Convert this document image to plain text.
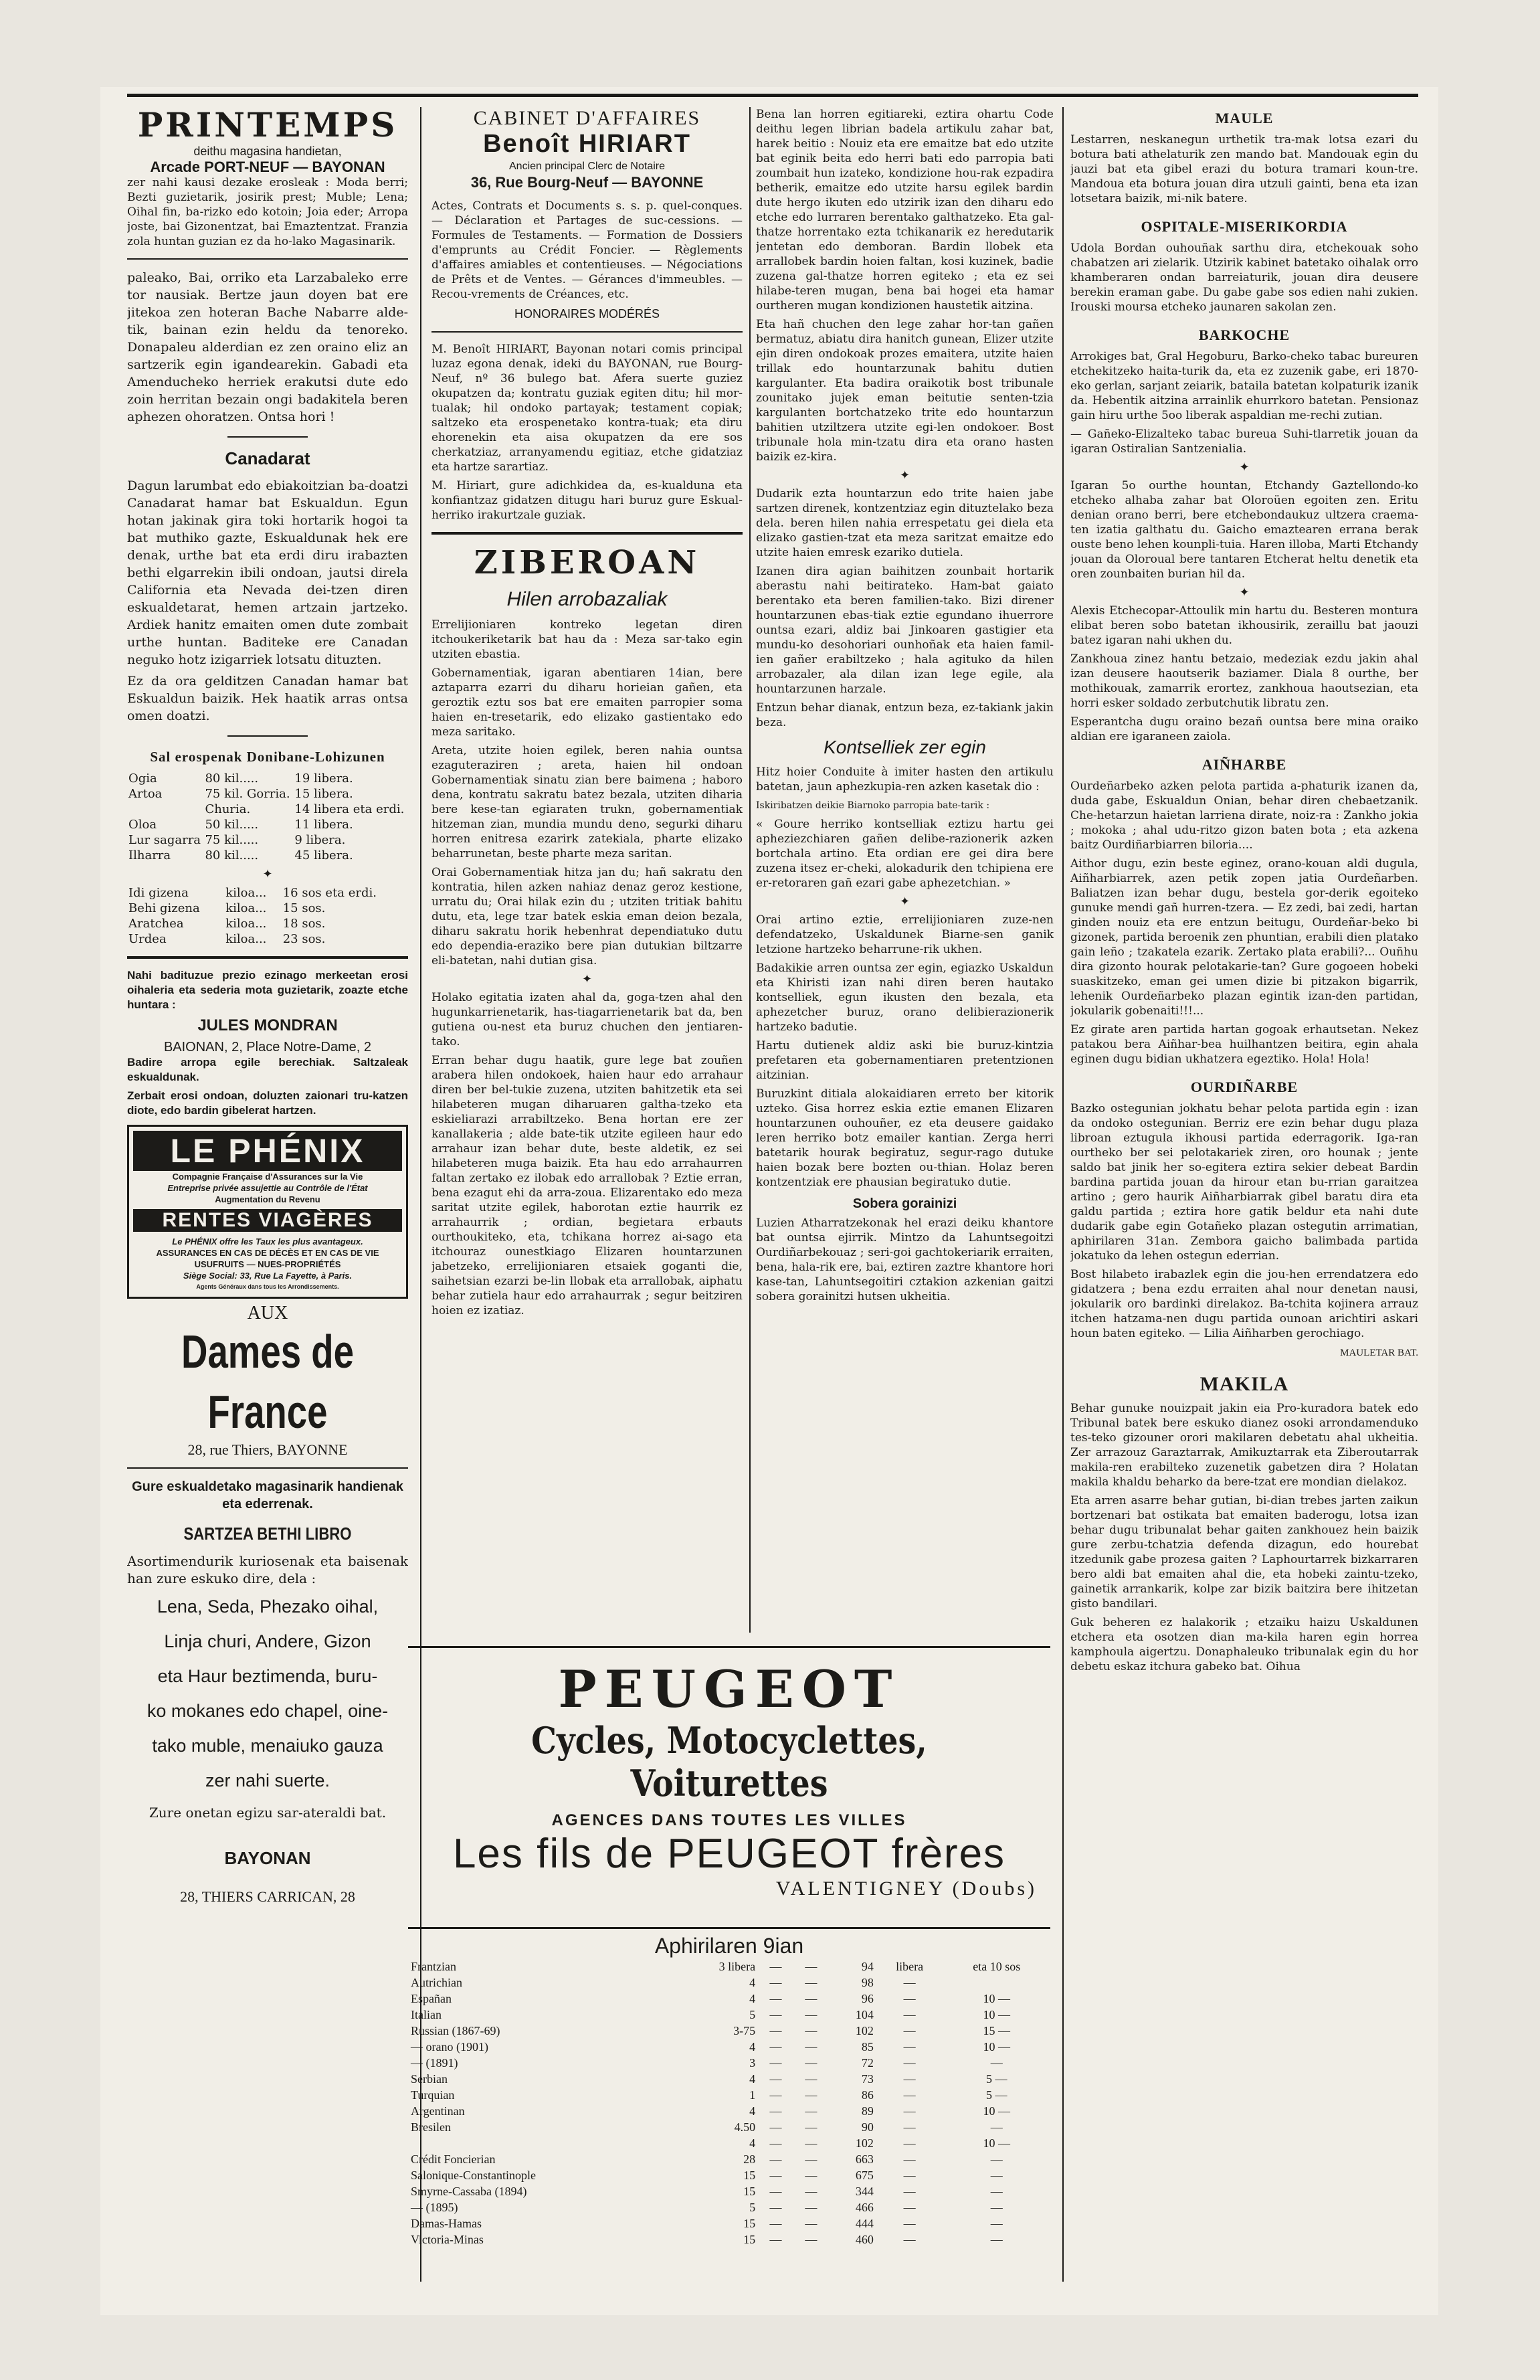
PRINTEMPS
deithu magasina handietan,
Arcade PORT-NEUF — BAYONAN

zer nahi kausi dezake erosleak : Moda berri; Bezti guzietarik, josirik prest; Muble; Lena; Oihal fin, ba-rizko edo kotoin; Joia eder; Arropa joste, bai Gizonentzat, bai Emaztentzat. Franzia zola huntan guzian ez da ho-lako Magasinarik.

paleako, Bai, orriko eta Larzabaleko erre tor nausiak. Bertze jaun doyen bat ere jitekoa zen hoteran Bache Nabarre alde-tik, bainan ezin heldu da tenoreko. Donapaleu alderdian ez zen oraino eliz an sartzerik egin igandearekin. Gabadi eta Amenducheko herriek erakutsi dute edo zoin herritan bezain ongi badakitela beren aphezen ohoratzen. Ontsa hori !

Canadarat

Dagun larumbat edo ebiakoitzian ba-doatzi Canadarat hamar bat Eskualdun. Egun hotan jakinak gira toki hortarik hogoi ta bat muthiko gazte, Eskualdunak hek ere denak, urthe bat eta erdi diru irabazten bethi elgarrekin ibili ondoan, jautsi direla California eta Nevada dei-tzen diren eskualdetarat, hemen artzain jartzeko. Ardiek hanitz emaiten omen dute zombait urthe huntan. Baditeke ere Canadan neguko hotz izigarriek lotsatu dituzten.

Ez da ora gelditzen Canadan hamar bat Eskualdun baizik. Hek haatik arras ontsa omen doatzi.

Sal erospenak Donibane-Lohizunen
Ogia	80 kil.....	19 libera.
Artoa	75 kil. Gorria.	15 libera.
	Churia.	14 libera eta erdi.
Oloa	50 kil.....	11 libera.
Lur sagarra	75 kil.....	9 libera.
Ilharra	80 kil.....	45 libera.
✦
Idi gizena	kiloa...	16 sos eta erdi.
Behi gizena	kiloa...	15 sos.
Aratchea	kiloa...	18 sos.
Urdea	kiloa...	23 sos.

Nahi badituzue prezio ezinago merkeetan erosi oihaleria eta sederia mota guzietarik, zoazte etche huntara :

JULES MONDRAN
BAIONAN, 2, Place Notre-Dame, 2

Badire arropa egile berechiak. Saltzaleak eskualdunak.

Zerbait erosi ondoan, doluzten zaionari tru-katzen diote, edo bardin gibelerat hartzen.

LE PHÉNIX
Compagnie Française d'Assurances sur la Vie
Entreprise privée assujettie au Contrôle de l'État
Augmentation du Revenu
RENTES VIAGÈRES
Le PHÉNIX offre les Taux les plus avantageux.
ASSURANCES EN CAS DE DÉCÈS ET EN CAS DE VIE
USUFRUITS — NUES-PROPRIÉTÉS
Siège Social: 33, Rue La Fayette, à Paris.
Agents Généraux dans tous les Arrondissements.
AUX
Dames de France
28, rue Thiers, BAYONNE

Gure eskualdetako magasinarik handienak eta ederrenak.

SARTZEA BETHI LIBRO

Asortimendurik kuriosenak eta baisenak han zure eskuko dire, dela :

Lena, Seda, Phezako oihal,

Linja churi, Andere, Gizon

eta Haur beztimenda, buru-

ko mokanes edo chapel, oine-

tako muble, menaiuko gauza

zer nahi suerte.

Zure onetan egizu sar-ateraldi bat.

BAYONAN
28, THIERS CARRICAN, 28
CABINET D'AFFAIRES
Benoît HIRIART
Ancien principal Clerc de Notaire
36, Rue Bourg-Neuf — BAYONNE

Actes, Contrats et Documents s. s. p. quel-conques. — Déclaration et Partages de suc-cessions. — Formules de Testaments. — Formation de Dossiers d'emprunts au Crédit Foncier. — Règlements d'affaires amiables et contentieuses. — Négociations de Prêts et de Ventes. — Gérances d'immeubles. — Recou-vrements de Créances, etc.

HONORAIRES MODÉRÉS

M. Benoît HIRIART, Bayonan notari comis principal luzaz egona denak, ideki du BAYONAN, rue Bourg-Neuf, nº 36 bulego bat. Afera suerte guziez okupatzen da; kontratu guziak egiten ditu; hil mor-tualak; hil ondoko partayak; testament copiak; saltzeko eta erospenetako kontra-tuak; eta diru ehorenekin eta aisa okupatzen da ere sos cherkatziaz, arranyamendu egitiaz, etche gidatziaz eta hartze sarartiaz.

M. Hiriart, gure adichkidea da, es-kualduna eta konfiantzaz gidatzen ditugu hari buruz gure Eskual-herriko irakurtzale guziak.

ZIBEROAN
Hilen arrobazaliak

Errelijioniaren kontreko legetan diren itchoukeriketarik bat hau da : Meza sar-tako egin utziten ebastia.

Gobernamentiak, igaran abentiaren 14ian, bere aztaparra ezarri du diharu horieian gañen, eta geroztik eztu sos bat ere emaiten parropier soma haien en-tresetarik, edo elizako gastientako edo meza saritako.

Areta, utzite hoien egilek, beren nahia ountsa ezaguteraziren ; areta, haien hil ondoan Gobernamentiak sinatu zian bere baimena ; haboro dena, kontratu sakratu batez bezala, utziten diharia bere kese-tan egiaraten trukn, gobernamentiak hitzeman zian, mundia mundu deno, segurki diharu horren enitresa ezarirk zatekiala, pharte elizako beharrunetan, beste pharte meza saritan.

Orai Gobernamentiak hitza jan du; hañ sakratu den kontratia, hilen azken nahiaz denaz geroz kestione, urratu du; Orai hilak ezin du ; utziten tritiak bahitu dutu, eta, lege tzar batek eskia eman deion bezala, diharu sakratu horik hebenhrat dependiatuko dutu edo dependia-eraziko bere pian dutukian biltzarre eli-batetan, nahi dutian gisa.

✦

Holako egitatia izaten ahal da, goga-tzen ahal den hugunkarrienetarik, has-tiagarrienetarik bat da, ben gutiena ou-nest eta buruz chuchen den jentiaren-tako.

Erran behar dugu haatik, gure lege bat zouñen arabera hilen ondokoek, haien haur edo arrahaur diren ber bel-tukie zuzena, utziten bahitzetik eta sei hilabeteren mugan diharuaren galtha-tzeko eta eskieliarazi arrabiltzeko. Bena hortan ere zer kanallakeria ; alde bate-tik utzite egileen haur edo arrahaur izan behar dute, beste aldetik, ez sei hilabeteren muga baizik. Eta hau edo arrahaurren faltan zertako ez ilobak edo arrallobak ? Eztie erran, bena ezagut ehi da arra-zoua. Elizarentako edo meza saritat utzite egilek, haborotan eztie haurrik ez arrahaurrik ; ordian, begietara erbauts ourthoukiteko, eta, tchikana horrez ai-sago eta itchouraz ounestkiago Elizaren hountarzunen jabetzeko, errelijioniaren etsaiek goganti die, saihetsian ezarzi be-lin llobak eta arrallobak, aiphatu behar zutiela haur edo arrahaurrak ; segur beitziren hoien ez izatiaz.

Bena lan horren egitiareki, eztira ohartu Code deithu legen librian badela artikulu zahar bat, harek beitio : Nouiz eta ere emaitze bat edo utzite bat eginik beita edo herri bati edo parropia bati zoumbait hun izateko, kondizione hou-rak ezpadira betherik, emaitze edo utzite harsu egilek bardin dute hergo ikuten edo utzirik izan den diharu edo etche edo lurraren berentako galthatzeko. Eta gal-thatze horrentako ezta tchikanarik ez heredutarik jentetan edo demboran. Bardin llobek eta arrallobek bardin hoien faltan, kosi kuzinek, badie zuzena gal-thatze horren egiteko ; eta ez sei hilabe-teren mugan, bena bai hogei eta hamar ourtheren mugan kondizionen haustetik aitzina.

Eta hañ chuchen den lege zahar hor-tan gañen bermatuz, abiatu dira hanitch gunean, Elizer utzite ejin diren ondokoak prozes emaitera, utzite haien trillak edo hountarzunak bahitu dutien kargulanter. Eta badira oraikotik bost tribunale zounitako jujek eman beitutie senten-tzia kargulanten bortchatzeko trite edo hountarzun bahitien utziltzera utzite egi-len ondokoer. Bost tribunale hola min-tzatu dira eta orano hasten baizik ez-kira.

✦

Dudarik ezta hountarzun edo trite haien jabe sartzen direnek, kontzentziaz egin dituztelako beza dela. beren hilen nahia errespetatu gei diela eta elizako gastien-tzat eta meza saritzat emaitze edo utzite haien emresk ezariko dutiela.

Izanen dira agian baihitzen zounbait hortarik aberastu nahi beitirateko. Ham-bat gaiato berentako eta beren familien-tako. Bizi direner hountarzunen ebas-tiak eztie egundano ihuerrore ountsa ezari, aldiz bai Jinkoaren gastigier eta mundu-ko desohoriari ounhoñak eta haien famil-ien gañer erabiltzeko ; hala agituko da hilen arrobazaler, ala dilan izan lege egile, ala hountarzunen harzale.

Entzun behar dianak, entzun beza, ez-takiank jakin beza.

Kontselliek zer egin

Hitz hoier Conduite à imiter hasten den artikulu batetan, jaun aphezkupia-ren azken kasetak dio :

Iskiribatzen deikie Biarnoko parropia bate-tarik :

« Goure herriko kontselliak eztizu hartu gei apheziezchiaren gañen delibe-razionerik azken bortchala artino. Eta ordian ere gei dira bere zuzena itsez er-cheki, alokadurik den tchipiena ere er-retoraren gañ ezari gabe aphezetchian. »

✦

Orai artino eztie, errelijioniaren zuze-nen defendatzeko, Uskaldunek Biarne-sen ganik letzione hartzeko beharrune-rik ukhen.

Badakikie arren ountsa zer egin, egiazko Uskaldun eta Khiristi izan nahi diren beren hautako kontselliek, egun ikusten den bezala, eta aphezetcher buruz, orano delibierazionerik hartzeko badutie.

Hartu dutienek aldiz aski bie buruz-kintzia prefetaren eta gobernamentiaren pretentzionen aitzinian.

Buruzkint ditiala alokaidiaren erreto ber kitorik uzteko. Gisa horrez eskia eztie emanen Elizaren hountarzunen ouhouñer, ez eta deusere gaidako leren herriko botz emailer kantian. Zerga herri batetarik hourak begiratuz, segur-rago dutuke haien bozak bere bozten ou-thian. Holaz beren kontzentziak ere phausian begiratuko dutie.

Sobera gorainizi

Luzien Atharratzekonak hel erazi deiku khantore bat ountsa ejirrik. Mintzo da Lahuntsegoitzi Ourdiñarbekouaz ; seri-goi gachtokeriarik erraiten, bena, hala-rik ere, bai, eztiren zaztre khantore hori kase-tan, Lahuntsegoitiri cztakion azkenian gaitzi sobera gorainitzi hutsen ukheitia.

MAULE

Lestarren, neskanegun urthetik tra-mak lotsa ezari du botura bati athelaturik zen mando bat. Mandouak egin du jauzi bat eta gibel erazi du botura tramari koun-tre. Mandoua eta botura jouan dira utzuli gainti, bena eta izan lotsetara baizik, mi-nik batere.

OSPITALE-MISERIKORDIA

Udola Bordan ouhouñak sarthu dira, etchekouak soho chabatzen ari zielarik. Utzirik kabinet batetako oihalak orro khamberaren ondan barreiaturik, jouan dira deusere berekin eraman gabe. Du gabe gabe sos edien nahi zukien. Irouski moursa etcheko jaunaren sakolan zen.

BARKOCHE

Arrokiges bat, Gral Hegoburu, Barko-cheko tabac bureuren etchekitzeko haita-turik da, eta ez zuzenik gabe, eri 1870-eko gerlan, sarjant zeiarik, bataila batetan kolpaturik izanik da. Hebentik aitzina arrainlik ehurrkoro batetan. Pensionaz gain hiru urthe 5oo liberak aspaldian me-rechi zutian.

— Gañeko-Elizalteko tabac bureua Suhi-tlarretik jouan da igaran Ostiralian Santzenialia.

✦

Igaran 5o ourthe hountan, Etchandy Gaztellondo-ko etcheko alhaba zahar bat Oloroüen egoiten zen. Eritu denian orano berri, bere etchebondaukuz ultzera craema-ten izatia galthatu du. Gaicho emaztearen errana berak ouste beno lehen kounpli-tuia. Haren illoba, Marti Etchandy jouan da Oloroual bere tantaren Etcherat heltu denetik eta oren zounbaiten burian hil da.

✦

Alexis Etchecopar-Attoulik min hartu du. Besteren montura elibat beren sobo batetan ikhousirik, zeraillu bat jaouzi batez igaran nahi ukhen du.

Zankhoua zinez hantu betzaio, medeziak ezdu jakin ahal izan deusere haoutserik baziamer. Diala 8 ourthe, ber mothikouak, zamarrik erortez, zankhoua haoutsezian, eta horri esker soldado zerbutchutik libratu zen.

Esperantcha dugu oraino bezañ ountsa bere mina oraiko aldian ere igaraneen zaiola.

AIÑHARBE

Ourdeñarbeko azken pelota partida a-phaturik izanen da, duda gabe, Eskualdun Onian, behar diren chebaetzanik. Che-hetarzun haietan larriena dirate, noiz-ra : Zankho jokia ; mokoka ; ahal udu-ritzo gizon baten bota ; eta azkena baitz Ourdiñarbiarren biloria....

Aithor dugu, ezin beste eginez, orano-kouan aldi dugula, Aiñharbiarrek, azen petik zopen jatia Ourdeñarben. Baliatzen izan behar dugu, bestela gor-derik egoiteko gunuke mendi gañ hurren-tzera. — Ez zedi, bai zedi, hartan ginden nouiz eta ere entzun beitugu, Ourdeñar-beko bi gizonek, partida beroenik zen phuntian, erabili dien platako gain leño ; tzakatela ezarik. Zertako plata erabili?... Ouñhu dira gizonto hourak pelotakarie-tan? Gure gogoeen hobeki suaskitzeko, eman gei umen dizie bi pitzakon bigarrik, lehenik Ourdeñarbeko plazan egintik izan-den partidan, jokularik gobenaiti!!!...

Ez girate aren partida hartan gogoak erhautsetan. Nekez patakou bera Aiñhar-bea huilhantzen beitira, egin ahala eginen dugu bidian ukhatzera egeztiko. Hola! Hola!

OURDIÑARBE

Bazko ostegunian jokhatu behar pelota partida egin : izan da ondoko ostegunian. Berriz ere ezin behar dugu plaza libroan eztugula ikhousi partida ederragorik. Iga-ran ourtheko ber sei pelotakariek ziren, oro hounak ; jente saldo bat jinik her so-egitera eztira sekier debeat Bardin bardina partida jouan da hirour etan bu-rrian garaitzea artino ; gero haurik Aiñharbiarrak gibel baratu dira eta galdu partida ; eztira hore gatik beldur eta nahi dute dudarik gabe egin Gotañeko plazan ostegutin arrimatian, aphirilaren 31an. Zembora gaicho balimbada partida jokatuko da lehen ostegun ederrian.

Bost hilabeto irabazlek egin die jou-hen errendatzera edo gidatzera ; bena ezdu erraiten ahal nour denetan nausi, jokularik oro bardinki direlakoz. Ba-tchita kojinera arrauz itchen hatzama-nen dugu partida ounoan arichtiri askari houn baten egiteko. — Lilia Aiñharben gerochiago.

MAULETAR BAT.
MAKILA

Behar gunuke nouizpait jakin eia Pro-kuradora batek edo Tribunal batek bere eskuko dianez osoki arrondamenduko tes-teko gizouner orori makilaren debetatu ahal ukheitia. Zer arrazouz Garaztarrak, Amikuztarrak eta Ziberoutarrak makila-ren erabilteko zuzenetik gabetzen dira ? Holatan makila khaldu beharko da bere-tzat ere mondian dielakoz.

Eta arren asarre behar gutian, bi-dian trebes jarten zaikun bortzenari bat ostikata bat emaiten baderogu, lotsa izan behar dugu tribunalat behar gaiten zankhouez hein baizik gure zerbu-tchatzia defenda dizagun, edo hourebat itzedunik gabe prozesa gaiten ? Laphourtarrek bizkarraren bero aldi bat emaiten ahal die, eta hobeki zaintu-tzeko, gainetik arrankarik, kolpe zar bizik baitzira bere ihitzetan gisto bandilari.

Guk beheren ez halakorik ; etzaiku haizu Uskaldunen etchera eta osotzen dian ma-kila haren egin horrea kamphoula aigertzu. Donaphaleuko tribunalak egin du hor debetu eskaz itchura gabeko bat. Oihua

PEUGEOT
Cycles, Motocyclettes, Voiturettes
AGENCES DANS TOUTES LES VILLES
Les fils de PEUGEOT frères
VALENTIGNEY (Doubs)
Aphirilaren 9ian
Frantzian	3 libera	—	—	94	libera	eta 10 sos
Autrichian	4	—	—	98	—	
Españan	4	—	—	96	—	10 —
Italian	5	—	—	104	—	10 —
Russian (1867-69)	3-75	—	—	102	—	15 —
— orano (1901)	4	—	—	85	—	10 —
— (1891)	3	—	—	72	—	—
Serbian	4	—	—	73	—	5 —
Turquian	1	—	—	86	—	5 —
Argentinan	4	—	—	89	—	10 —
Bresilen	4.50	—	—	90	—	—
	4	—	—	102	—	10 —
Crédit Foncierian	28	—	—	663	—	—
Salonique-Constantinople	15	—	—	675	—	—
Smyrne-Cassaba (1894)	15	—	—	344	—	—
— (1895)	5	—	—	466	—	—
Damas-Hamas	15	—	—	444	—	—
Victoria-Minas	15	—	—	460	—	—
